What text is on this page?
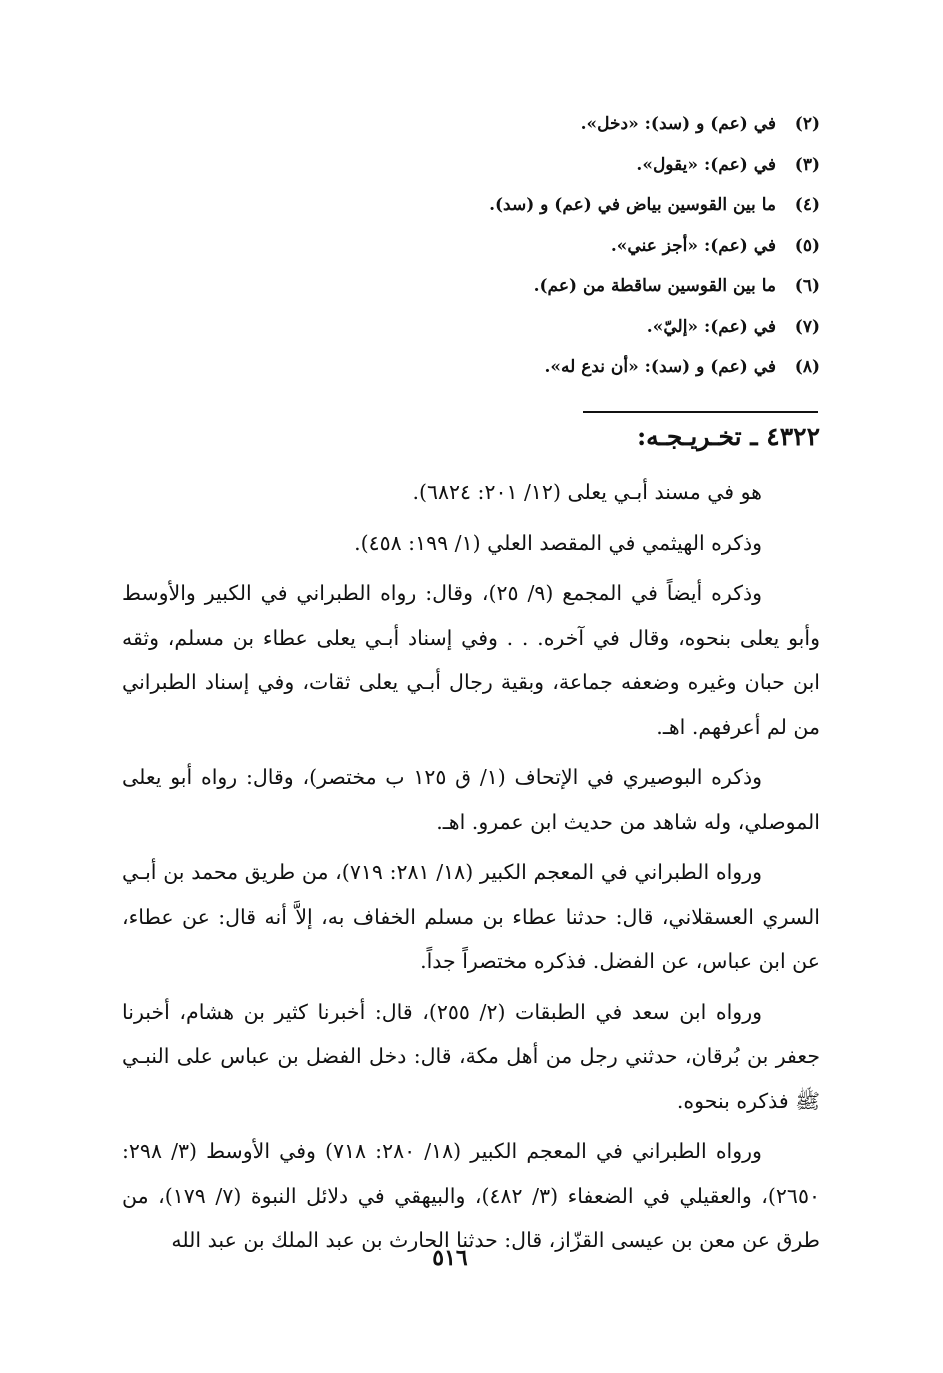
(٢)في (عم) و (سد): «دخل».
(٣)في (عم): «يقول».
(٤)ما بين القوسين بياض في (عم) و (سد).
(٥)في (عم): «أجز عني».
(٦)ما بين القوسين ساقطة من (عم).
(٧)في (عم): «إليّ».
(٨)في (عم) و (سد): «أن ندع له».
٤٣٢٢ ـ تخـريـجـه:

هو في مسند أبـي يعلى (١٢/ ٢٠١: ٦٨٢٤).

وذكره الهيثمي في المقصد العلي (١/ ١٩٩: ٤٥٨).

وذكره أيضاً في المجمع (٩/ ٢٥)، وقال: رواه الطبراني في الكبير والأوسط وأبو يعلى بنحوه، وقال في آخره. . . وفي إسناد أبـي يعلى عطاء بن مسلم، وثقه ابن حبان وغيره وضعفه جماعة، وبقية رجال أبـي يعلى ثقات، وفي إسناد الطبراني من لم أعرفهم. اهـ.

وذكره البوصيري في الإتحاف (١/ ق ١٢٥ ب مختصر)، وقال: رواه أبو يعلى الموصلي، وله شاهد من حديث ابن عمرو. اهـ.

ورواه الطبراني في المعجم الكبير (١٨/ ٢٨١: ٧١٩)، من طريق محمد بن أبـي السري العسقلاني، قال: حدثنا عطاء بن مسلم الخفاف به، إلاَّ أنه قال: عن عطاء، عن ابن عباس، عن الفضل. فذكره مختصراً جداً.

ورواه ابن سعد في الطبقات (٢/ ٢٥٥)، قال: أخبرنا كثير بن هشام، أخبرنا جعفر بن بُرقان، حدثني رجل من أهل مكة، قال: دخل الفضل بن عباس على النبـي ﷺ فذكره بنحوه.

ورواه الطبراني في المعجم الكبير (١٨/ ٢٨٠: ٧١٨) وفي الأوسط (٣/ ٢٩٨: ٢٦٥٠)، والعقيلي في الضعفاء (٣/ ٤٨٢)، والبيهقي في دلائل النبوة (٧/ ١٧٩)، من طرق عن معن بن عيسى القزّاز، قال: حدثنا الحارث بن عبد الملك بن عبد الله

٥١٦
